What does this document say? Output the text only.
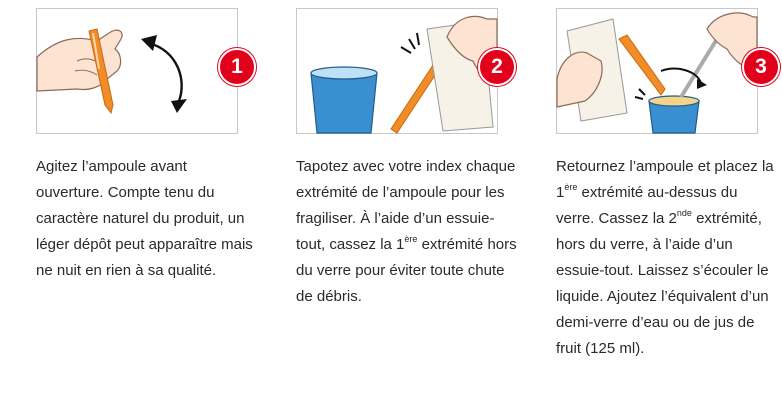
1
Agitez l’ampoule avant ouverture. Compte tenu du caractère naturel du produit, un léger dépôt peut apparaître mais ne nuit en rien à sa qualité.
2
Tapotez avec votre index chaque extrémité de l’ampoule pour les fragiliser. À l’aide d’un essuie-tout, cassez la 1ère extrémité hors du verre pour éviter toute chute de débris.
3
Retournez l’ampoule et placez la 1ère extrémité au-dessus du verre. Cassez la 2nde extrémité, hors du verre, à l’aide d’un essuie-tout. Laissez s’écouler le liquide. Ajoutez l’équivalent d’un demi-verre d’eau ou de jus de fruit (125 ml).
